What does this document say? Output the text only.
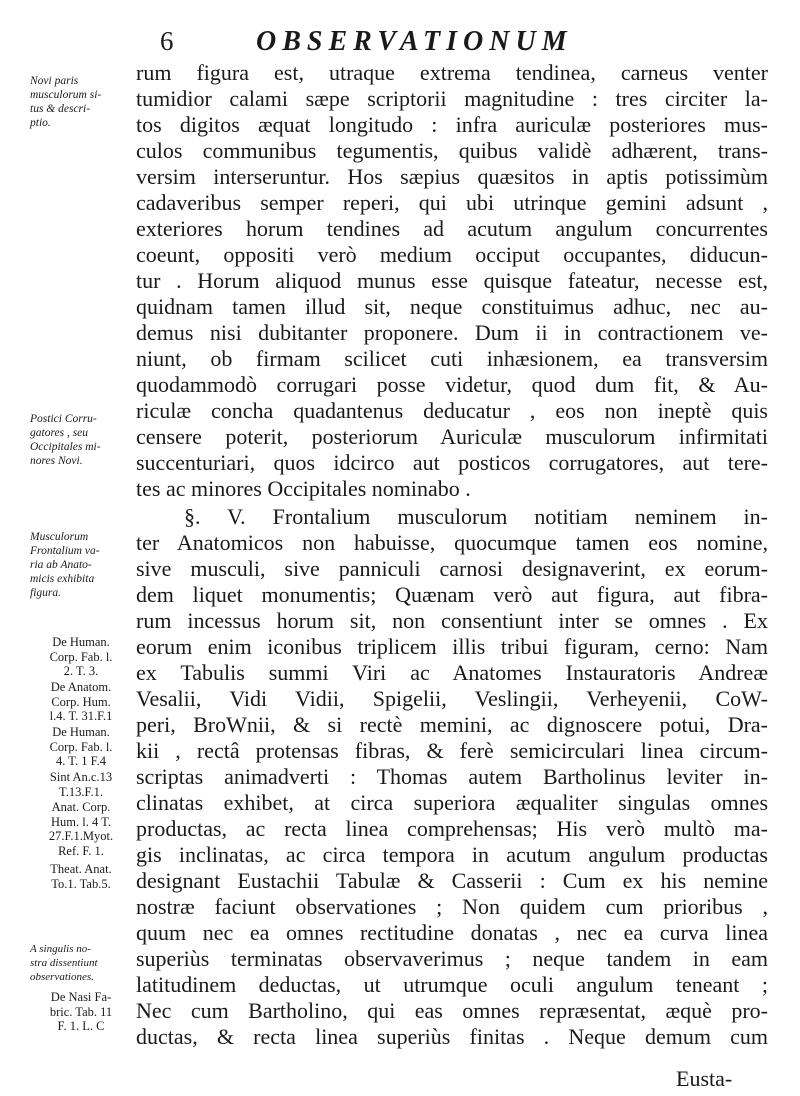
6	OBSERVATIONUM
Novi paris
musculorum si-
tus & descri-
ptio.
Postici Corru-
gatores , seu
Occipitales mi-
nores Novi.
Musculorum
Frontalium va-
ria ab Anato-
micis exhibita
figura.
De Human.
Corp. Fab. l.
2. T. 3.
De Anatom.
Corp. Hum.
l.4. T. 31.F.1
De Human.
Corp. Fab. l.
4. T. 1 F.4
Sint An.c.13
T.13.F.1.
Anat. Corp.
Hum. l. 4 T.
27.F.1.Myot.
Ref. F. 1.
Theat. Anat.
To.1. Tab.5.
A singulis no-
stra dissentiunt
observationes.
De Nasi Fa-
bric. Tab. 11
F. 1. L. C
rum figura est, utraque extrema tendinea, carneus venter
tumidior calami sæpe scriptorii magnitudine : tres circiter la-
tos digitos æquat longitudo : infra auriculæ posteriores mus-
culos communibus tegumentis, quibus validè adhærent, trans-
versim interseruntur. Hos sæpius quæsitos in aptis potissimùm
cadaveribus semper reperi, qui ubi utrinque gemini adsunt ,
exteriores horum tendines ad acutum angulum concurrentes
coeunt, oppositi verò medium occiput occupantes, diducun-
tur . Horum aliquod munus esse quisque fateatur, necesse est,
quidnam tamen illud sit, neque constituimus adhuc, nec au-
demus nisi dubitanter proponere. Dum ii in contractionem ve-
niunt, ob firmam scilicet cuti inhæsionem, ea transversim
quodammodò corrugari posse videtur, quod dum fit, & Au-
riculæ concha quadantenus deducatur , eos non ineptè quis
censere poterit, posteriorum Auriculæ musculorum infirmitati
succenturiari, quos idcirco aut posticos corrugatores, aut tere-
tes ac minores Occipitales nominabo .
§. V. Frontalium musculorum notitiam neminem in-
ter Anatomicos non habuisse, quocumque tamen eos nomine,
sive musculi, sive panniculi carnosi designaverint, ex eorum-
dem liquet monumentis; Quænam verò aut figura, aut fibra-
rum incessus horum sit, non consentiunt inter se omnes . Ex
eorum enim iconibus triplicem illis tribui figuram, cerno: Nam
ex Tabulis summi Viri ac Anatomes Instauratoris Andreæ
Vesalii, Vidi Vidii, Spigelii, Veslingii, Verheyenii, CoW-
peri, BroWnii, & si rectè memini, ac dignoscere potui, Dra-
kii , rectâ protensas fibras, & ferè semicirculari linea circum-
scriptas animadverti : Thomas autem Bartholinus leviter in-
clinatas exhibet, at circa superiora æqualiter singulas omnes
productas, ac recta linea comprehensas; His verò multò ma-
gis inclinatas, ac circa tempora in acutum angulum productas
designant Eustachii Tabulæ & Casserii : Cum ex his nemine
nostræ faciunt observationes ; Non quidem cum prioribus ,
quum nec ea omnes rectitudine donatas , nec ea curva linea
superiùs terminatas observaverimus ; neque tandem in eam
latitudinem deductas, ut utrumque oculi angulum teneant ;
Nec cum Bartholino, qui eas omnes repræsentat, æquè pro-
ductas, & recta linea superiùs finitas . Neque demum cum
Eusta-
